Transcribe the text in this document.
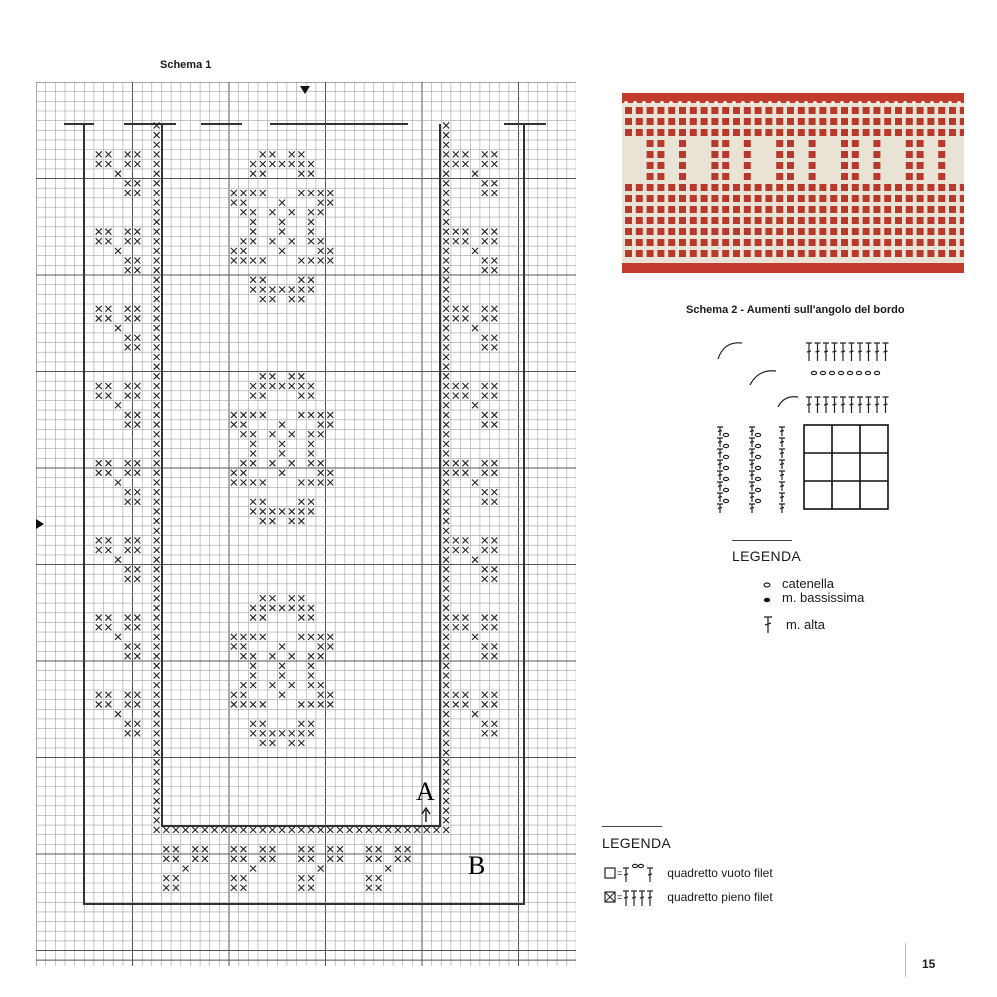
Schema 1
A
B
Schema 2 - Aumenti sull'angolo del bordo
LEGENDA
catenella
m. bassissima
m. alta
LEGENDA
=	quadretto vuoto filet
=	quadretto pieno filet
15
